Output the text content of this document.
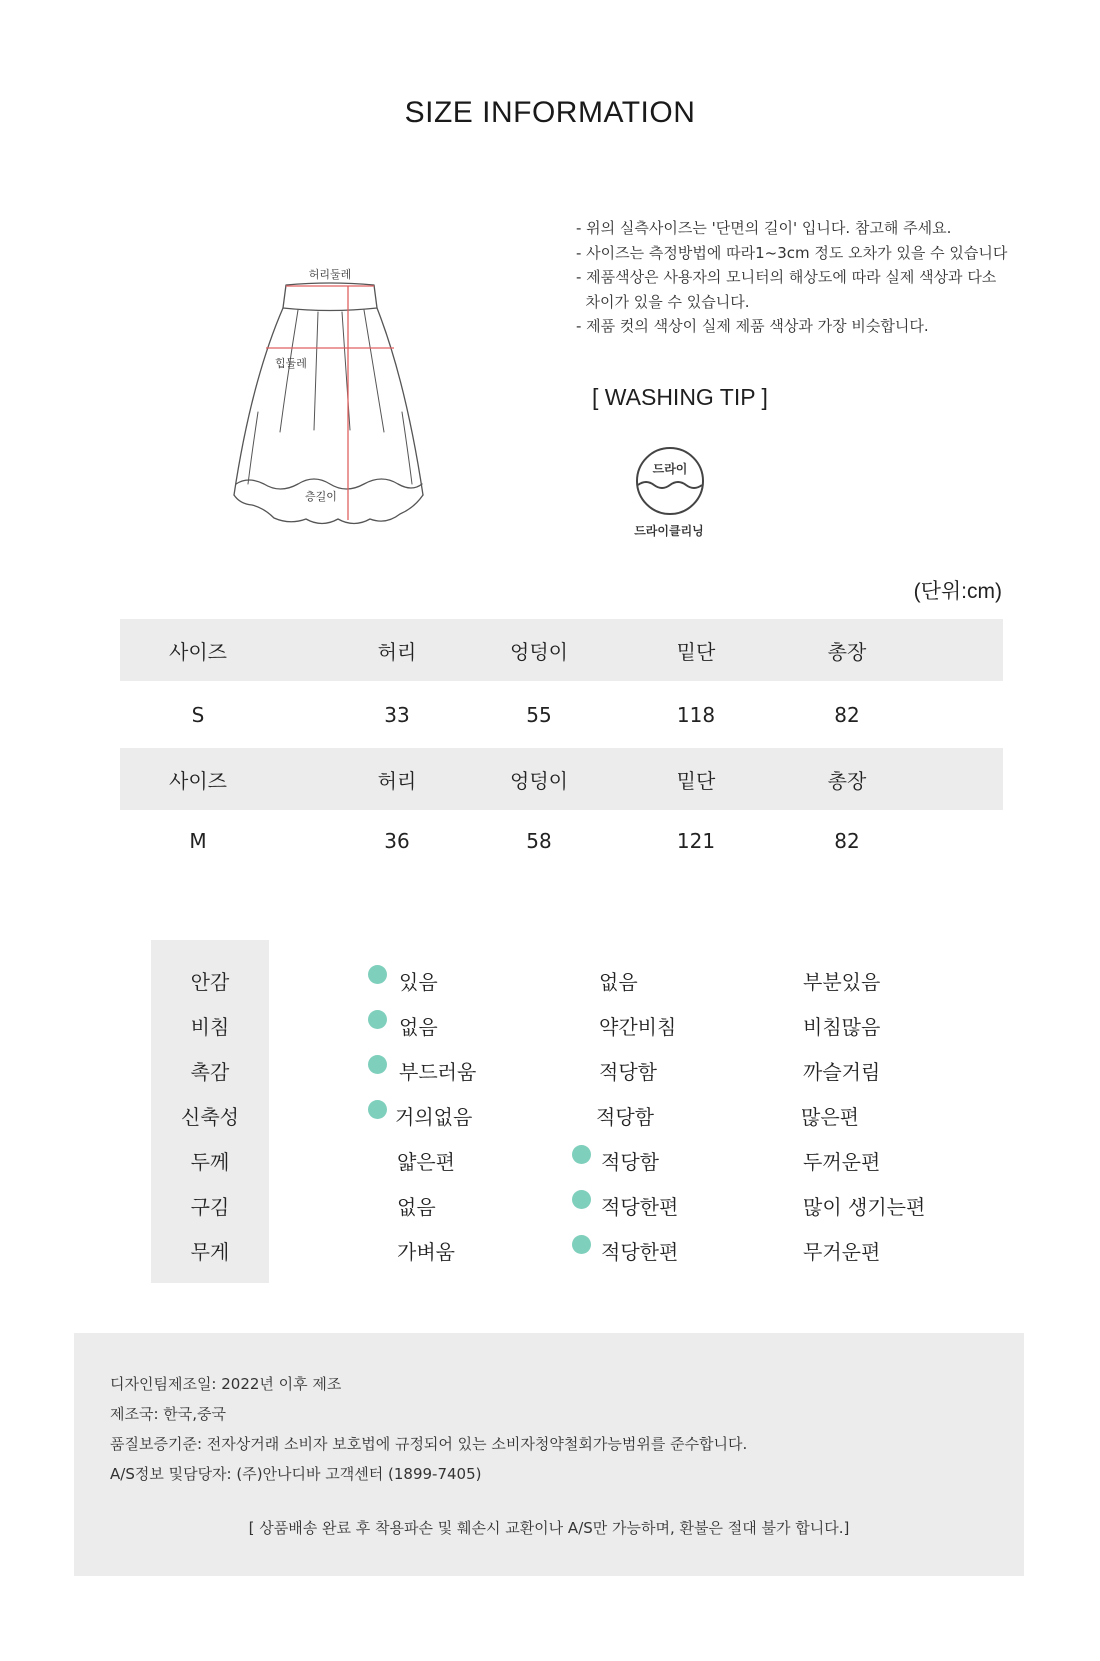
SIZE INFORMATION
허리둘레
힙둘레
층길이
- 위의 실측사이즈는 '단면의 길이' 입니다. 참고해 주세요.
- 사이즈는 측정방법에 따라1~3cm 정도 오차가 있을 수 있습니다
- 제품색상은 사용자의 모니터의 해상도에 따라 실제 색상과 다소
차이가 있을 수 있습니다.
- 제품 컷의 색상이 실제 제품 색상과 가장 비슷합니다.
[ WASHING TIP ]
드라이
드라이클리닝
(단위:cm)
사이즈	허리	엉덩이	밑단	총장
S	33	55	118	82
사이즈	허리	엉덩이	밑단	총장
M	36	58	121	82
안감	있음	없음	부분있음
비침	없음	약간비침	비침많음
촉감	부드러움	적당함	까슬거림
신축성	거의없음	적당함	많은편
두께	얇은편	적당함	두꺼운편
구김	없음	적당한편	많이 생기는편
무게	가벼움	적당한편	무거운편
디자인팀제조일: 2022년 이후 제조
제조국: 한국,중국
품질보증기준: 전자상거래 소비자 보호법에 규정되어 있는 소비자청약철회가능범위를 준수합니다.
A/S정보 및담당자: (주)안나디바 고객센터 (1899-7405)
[ 상품배송 완료 후 착용파손 및 훼손시 교환이나 A/S만 가능하며, 환불은 절대 불가 합니다.]
